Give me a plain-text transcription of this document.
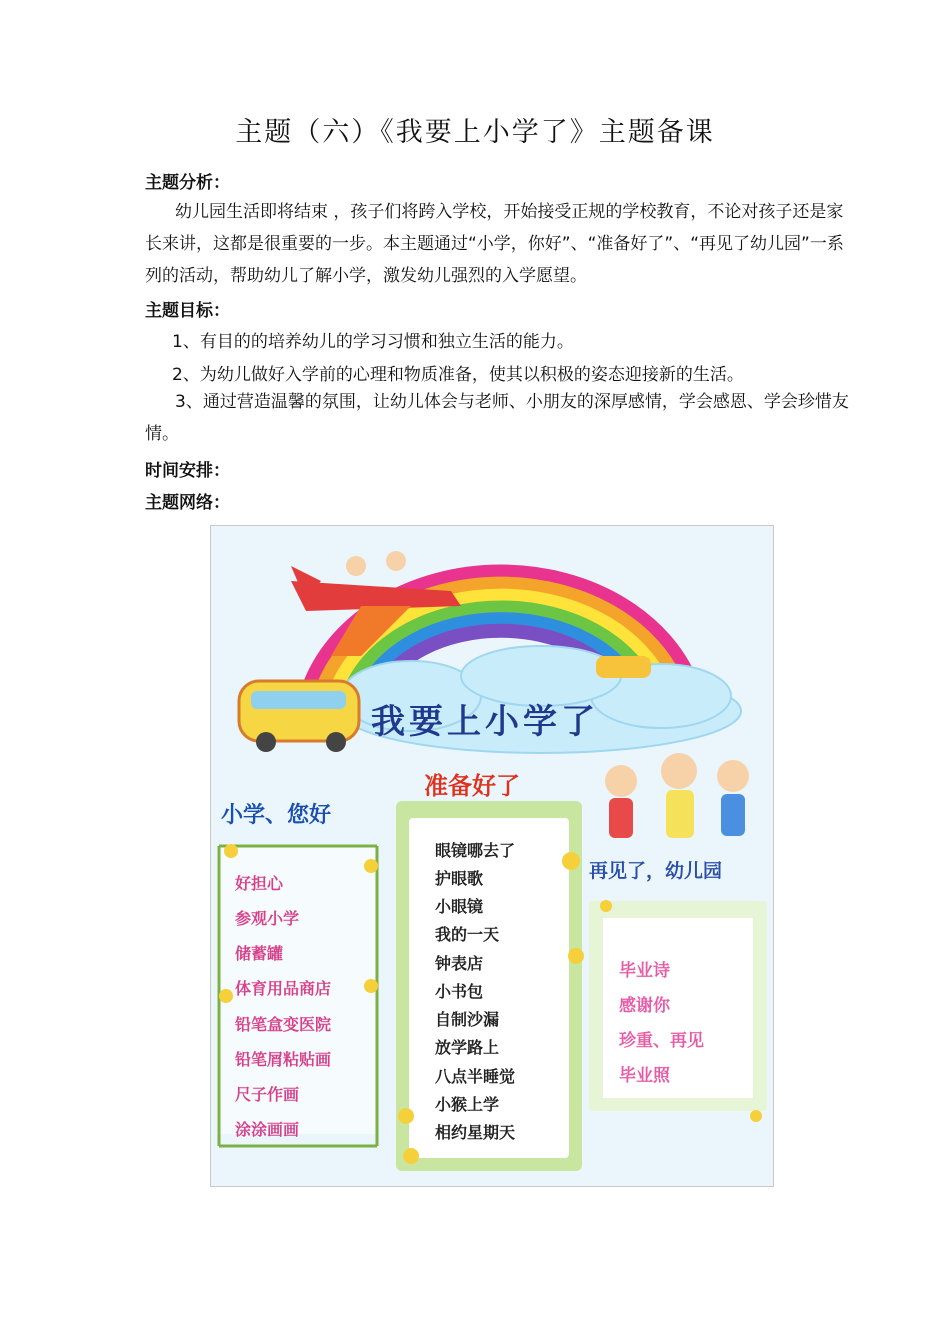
主题（六）《我要上小学了》主题备课
主题分析：
幼儿园生活即将结束 ，孩子们将跨入学校，开始接受正规的学校教育，不论对孩子还是家长来讲，这都是很重要的一步。本主题通过“小学，你好”、“准备好了”、“再见了幼儿园”一系列的活动，帮助幼儿了解小学，激发幼儿强烈的入学愿望。
主题目标：
1、有目的的培养幼儿的学习习惯和独立生活的能力。
2、为幼儿做好入学前的心理和物质准备，使其以积极的姿态迎接新的生活。
3、通过营造温馨的氛围，让幼儿体会与老师、小朋友的深厚感情，学会感恩、学会珍惜友情。
时间安排：
主题网络：
我要上小学了
小学、您好
好担心
参观小学
储蓄罐
体育用品商店
铅笔盒变医院
铅笔屑粘贴画
尺子作画
涂涂画画
准备好了
眼镜哪去了
护眼歌
小眼镜
我的一天
钟表店
小书包
自制沙漏
放学路上
八点半睡觉
小猴上学
相约星期天
再见了，幼儿园
毕业诗
感谢你
珍重、再见
毕业照
